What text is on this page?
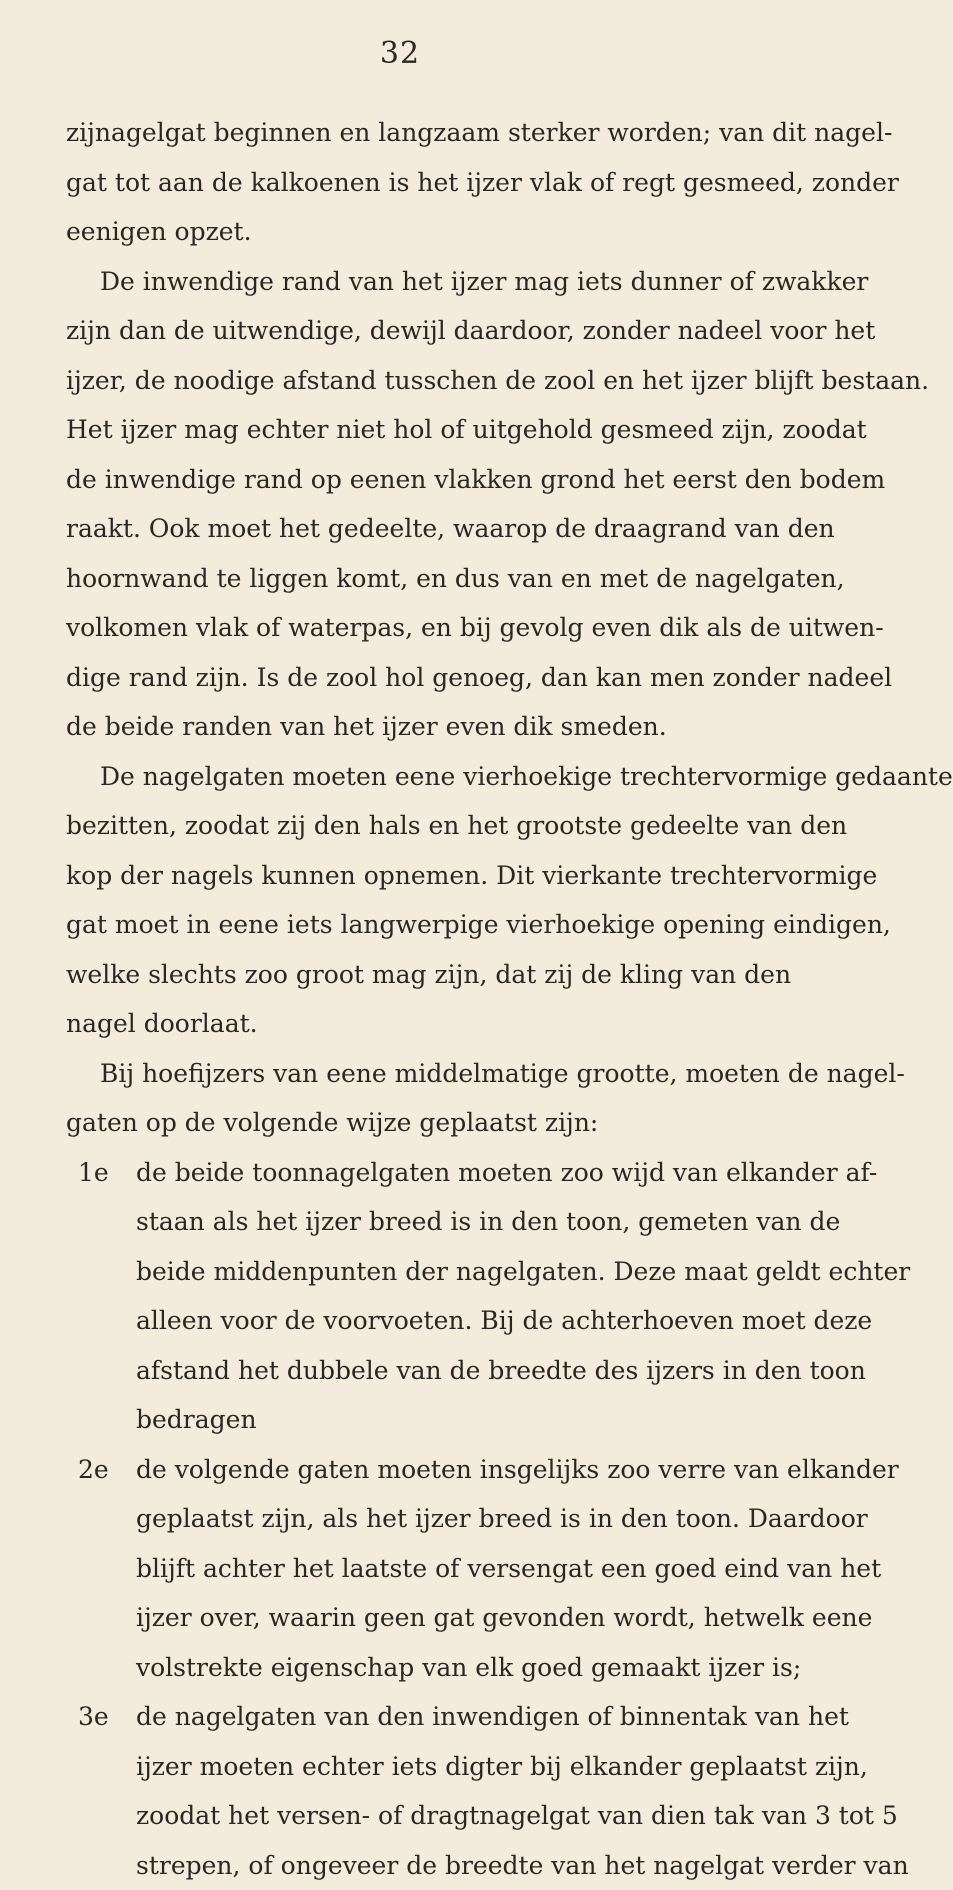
32
zijnagelgat beginnen en langzaam sterker worden; van dit nagel-
gat tot aan de kalkoenen is het ijzer vlak of regt gesmeed, zonder
eenigen opzet.
De inwendige rand van het ijzer mag iets dunner of zwakker
zijn dan de uitwendige, dewijl daardoor, zonder nadeel voor het
ijzer, de noodige afstand tusschen de zool en het ijzer blijft bestaan.
Het ijzer mag echter niet hol of uitgehold gesmeed zijn, zoodat
de inwendige rand op eenen vlakken grond het eerst den bodem
raakt. Ook moet het gedeelte, waarop de draagrand van den
hoornwand te liggen komt, en dus van en met de nagelgaten,
volkomen vlak of waterpas, en bij gevolg even dik als de uitwen-
dige rand zijn. Is de zool hol genoeg, dan kan men zonder nadeel
de beide randen van het ijzer even dik smeden.
De nagelgaten moeten eene vierhoekige trechtervormige gedaante
bezitten, zoodat zij den hals en het grootste gedeelte van den
kop der nagels kunnen opnemen. Dit vierkante trechtervormige
gat moet in eene iets langwerpige vierhoekige opening eindigen,
welke slechts zoo groot mag zijn, dat zij de kling van den
nagel doorlaat.
Bij hoefijzers van eene middelmatige grootte, moeten de nagel-
gaten op de volgende wijze geplaatst zijn:
1e de beide toonnagelgaten moeten zoo wijd van elkander af-
staan als het ijzer breed is in den toon, gemeten van de
beide middenpunten der nagelgaten. Deze maat geldt echter
alleen voor de voorvoeten. Bij de achterhoeven moet deze
afstand het dubbele van de breedte des ijzers in den toon
bedragen
2e de volgende gaten moeten insgelijks zoo verre van elkander
geplaatst zijn, als het ijzer breed is in den toon. Daardoor
blijft achter het laatste of versengat een goed eind van het
ijzer over, waarin geen gat gevonden wordt, hetwelk eene
volstrekte eigenschap van elk goed gemaakt ijzer is;
3e de nagelgaten van den inwendigen of binnentak van het
ijzer moeten echter iets digter bij elkander geplaatst zijn,
zoodat het versen- of dragtnagelgat van dien tak van 3 tot 5
strepen, of ongeveer de breedte van het nagelgat verder van
